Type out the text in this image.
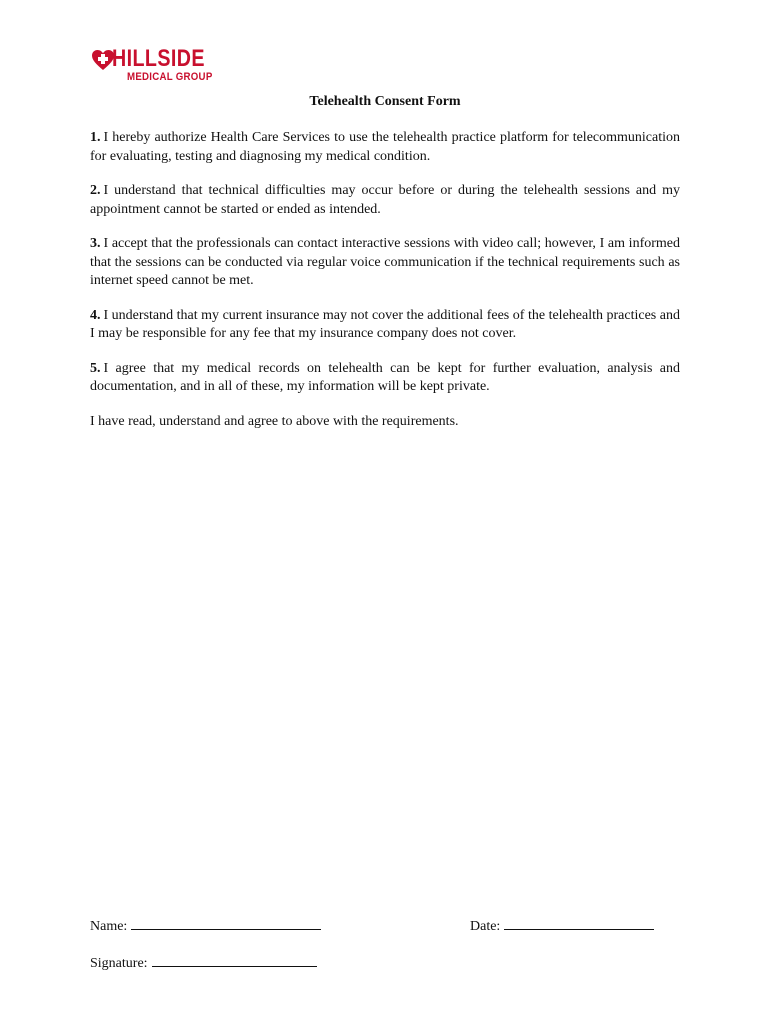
HILLSIDE
MEDICAL GROUP
Telehealth Consent Form

1. I hereby authorize Health Care Services to use the telehealth practice platform for telecommunication for evaluating, testing and diagnosing my medical condition.

2. I understand that technical difficulties may occur before or during the telehealth sessions and my appointment cannot be started or ended as intended.

3. I accept that the professionals can contact interactive sessions with video call; however, I am informed that the sessions can be conducted via regular voice communication if the technical requirements such as internet speed cannot be met.

4. I understand that my current insurance may not cover the additional fees of the telehealth practices and I may be responsible for any fee that my insurance company does not cover.

5. I agree that my medical records on telehealth can be kept for further evaluation, analysis and documentation, and in all of these, my information will be kept private.

I have read, understand and agree to above with the requirements.

Name:	Date:
Signature:
